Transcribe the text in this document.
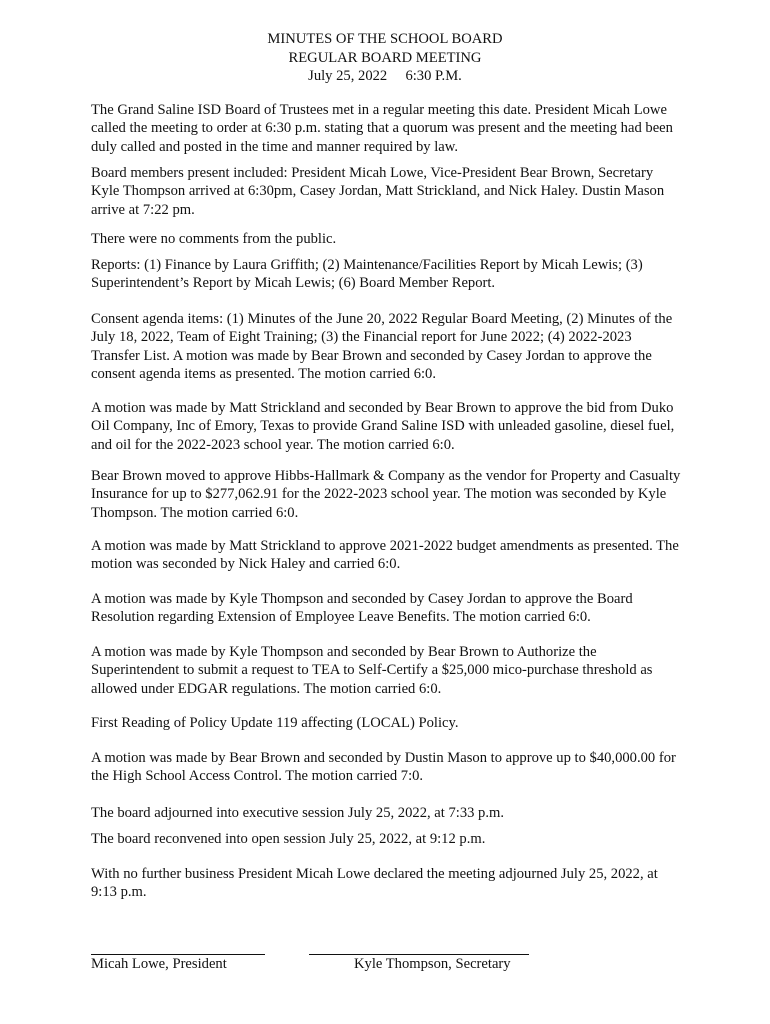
MINUTES OF THE SCHOOL BOARD
REGULAR BOARD MEETING
July 25, 2022     6:30 P.M.

The Grand Saline ISD Board of Trustees met in a regular meeting this date. President Micah Lowe called the meeting to order at 6:30 p.m. stating that a quorum was present and the meeting had been duly called and posted in the time and manner required by law.

Board members present included: President Micah Lowe, Vice-President Bear Brown, Secretary Kyle Thompson arrived at 6:30pm, Casey Jordan, Matt Strickland, and Nick Haley. Dustin Mason arrive at 7:22 pm.

There were no comments from the public.

Reports: (1) Finance by Laura Griffith; (2) Maintenance/Facilities Report by Micah Lewis; (3) Superintendent’s Report by Micah Lewis; (6) Board Member Report.

Consent agenda items: (1) Minutes of the June 20, 2022 Regular Board Meeting, (2) Minutes of the July 18, 2022, Team of Eight Training; (3) the Financial report for June 2022; (4) 2022-2023 Transfer List. A motion was made by Bear Brown and seconded by Casey Jordan to approve the consent agenda items as presented. The motion carried 6:0.

A motion was made by Matt Strickland and seconded by Bear Brown to approve the bid from Duko Oil Company, Inc of Emory, Texas to provide Grand Saline ISD with unleaded gasoline, diesel fuel, and oil for the 2022-2023 school year. The motion carried 6:0.

Bear Brown moved to approve Hibbs-Hallmark & Company as the vendor for Property and Casualty Insurance for up to $277,062.91 for the 2022-2023 school year. The motion was seconded by Kyle Thompson. The motion carried 6:0.

A motion was made by Matt Strickland to approve 2021-2022 budget amendments as presented. The motion was seconded by Nick Haley and carried 6:0.

A motion was made by Kyle Thompson and seconded by Casey Jordan to approve the Board Resolution regarding Extension of Employee Leave Benefits. The motion carried 6:0.

A motion was made by Kyle Thompson and seconded by Bear Brown to Authorize the Superintendent to submit a request to TEA to Self-Certify a $25,000 mico-purchase threshold as allowed under EDGAR regulations. The motion carried 6:0.

First Reading of Policy Update 119 affecting (LOCAL) Policy.

A motion was made by Bear Brown and seconded by Dustin Mason to approve up to $40,000.00 for the High School Access Control. The motion carried 7:0.

The board adjourned into executive session July 25, 2022, at 7:33 p.m.

The board reconvened into open session July 25, 2022, at 9:12 p.m.

With no further business President Micah Lowe declared the meeting adjourned July 25, 2022, at 9:13 p.m.

Micah Lowe, President	Kyle Thompson, Secretary
